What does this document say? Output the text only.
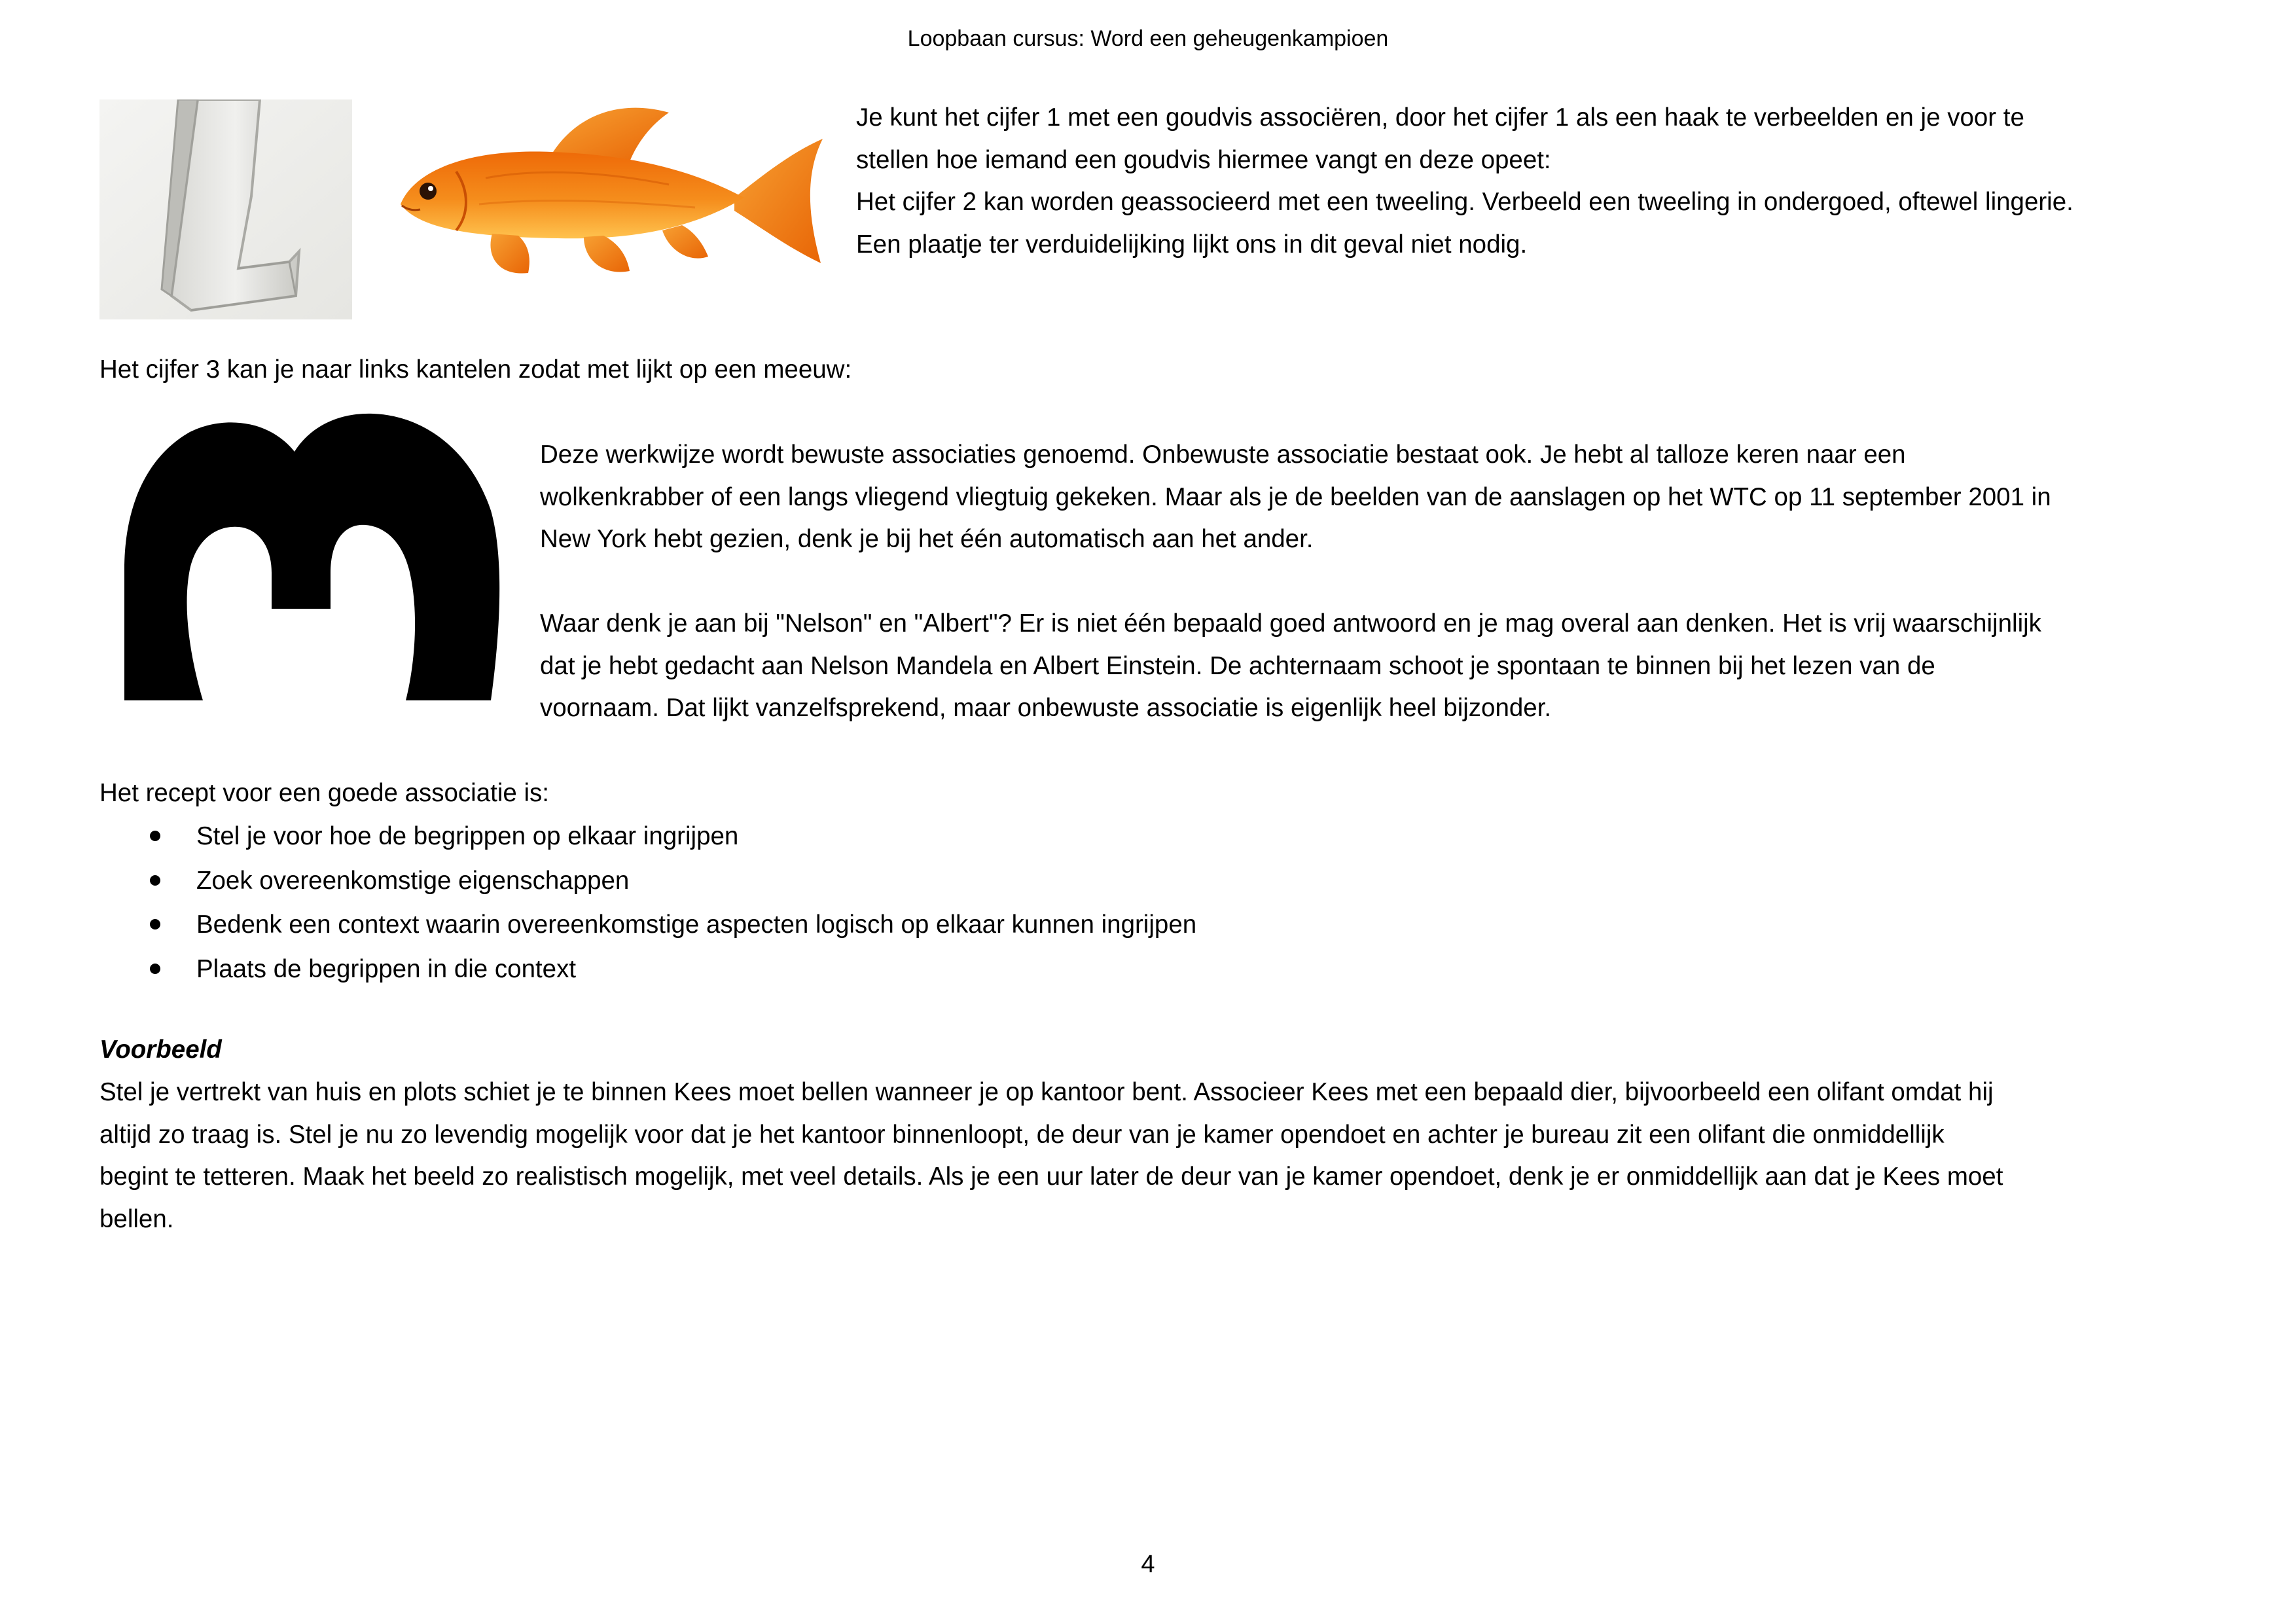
Loopbaan cursus: Word een geheugenkampioen

Je kunt het cijfer 1 met een goudvis associëren, door het cijfer 1 als een haak te verbeelden en je voor te
stellen hoe iemand een goudvis hiermee vangt en deze opeet:
Het cijfer 2 kan worden geassocieerd met een tweeling. Verbeeld een tweeling in ondergoed, oftewel lingerie.
Een plaatje ter verduidelijking lijkt ons in dit geval niet nodig.

Het cijfer 3 kan je naar links kantelen zodat met lijkt op een meeuw:

Deze werkwijze wordt bewuste associaties genoemd. Onbewuste associatie bestaat ook. Je hebt al talloze keren naar een
wolkenkrabber of een langs vliegend vliegtuig gekeken. Maar als je de beelden van de aanslagen op het WTC op 11 september 2001 in
New York hebt gezien, denk je bij het één automatisch aan het ander.

Waar denk je aan bij "Nelson" en "Albert"? Er is niet één bepaald goed antwoord en je mag overal aan denken. Het is vrij waarschijnlijk
dat je hebt gedacht aan Nelson Mandela en Albert Einstein. De achternaam schoot je spontaan te binnen bij het lezen van de
voornaam. Dat lijkt vanzelfsprekend, maar onbewuste associatie is eigenlijk heel bijzonder.

Het recept voor een goede associatie is:

Stel je voor hoe de begrippen op elkaar ingrijpen
Zoek overeenkomstige eigenschappen
Bedenk een context waarin overeenkomstige aspecten logisch op elkaar kunnen ingrijpen
Plaats de begrippen in die context
Voorbeeld

Stel je vertrekt van huis en plots schiet je te binnen Kees moet bellen wanneer je op kantoor bent. Associeer Kees met een bepaald dier, bijvoorbeeld een olifant omdat hij
altijd zo traag is. Stel je nu zo levendig mogelijk voor dat je het kantoor binnenloopt, de deur van je kamer opendoet en achter je bureau zit een olifant die onmiddellijk
begint te tetteren. Maak het beeld zo realistisch mogelijk, met veel details. Als je een uur later de deur van je kamer opendoet, denk je er onmiddellijk aan dat je Kees moet
bellen.

4
